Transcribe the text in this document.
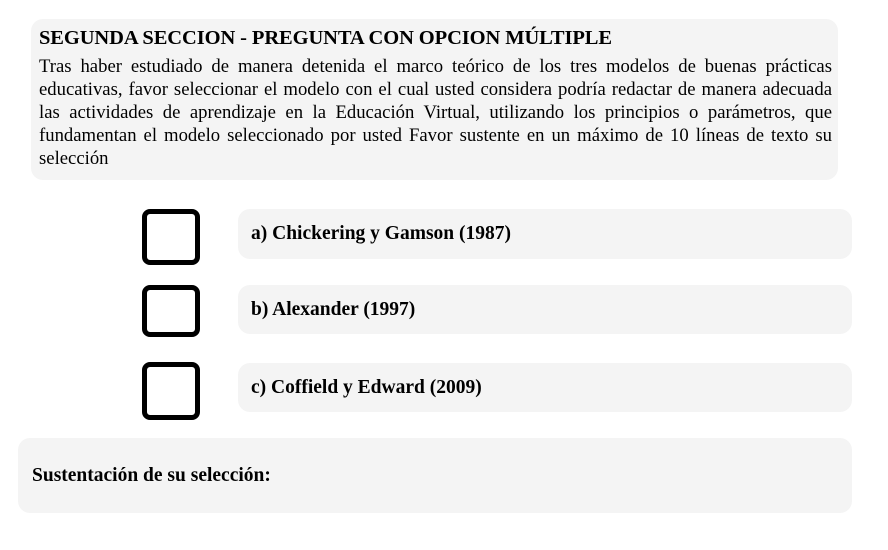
SEGUNDA SECCION - PREGUNTA CON OPCION MÚLTIPLE

Tras haber estudiado de manera detenida el marco teórico de los tres modelos de buenas prácticas educativas, favor seleccionar el modelo con el cual usted considera podría redactar de manera adecuada las actividades de aprendizaje en la Educación Virtual, utilizando los principios o parámetros, que fundamentan el modelo seleccionado por usted Favor sustente en un máximo de 10 líneas de texto su selección

a) Chickering y Gamson (1987)
b) Alexander (1997)
c) Coffield y Edward (2009)
Sustentación de su selección:
